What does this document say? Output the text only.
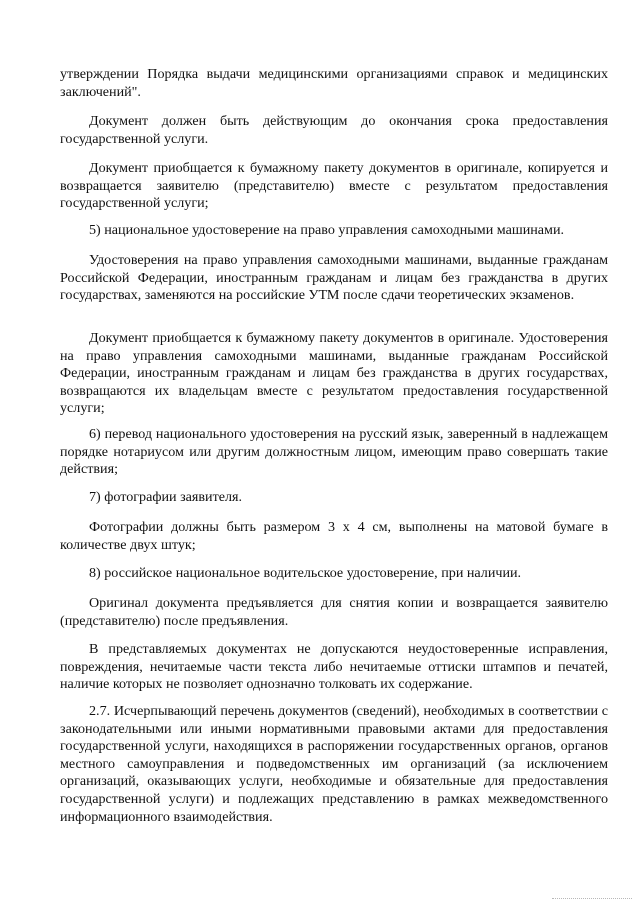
утверждении Порядка выдачи медицинскими организациями справок и медицинских заключений".

Документ должен быть действующим до окончания срока предоставления государственной услуги.

Документ приобщается к бумажному пакету документов в оригинале, копируется и возвращается заявителю (представителю) вместе с результатом предоставления государственной услуги;

5) национальное удостоверение на право управления самоходными машинами.

Удостоверения на право управления самоходными машинами, выданные гражданам Российской Федерации, иностранным гражданам и лицам без гражданства в других государствах, заменяются на российские УТМ после сдачи теоретических экзаменов.

Документ приобщается к бумажному пакету документов в оригинале. Удостоверения на право управления самоходными машинами, выданные гражданам Российской Федерации, иностранным гражданам и лицам без гражданства в других государствах, возвращаются их владельцам вместе с результатом предоставления государственной услуги;

6) перевод национального удостоверения на русский язык, заверенный в надлежащем порядке нотариусом или другим должностным лицом, имеющим право совершать такие действия;

7) фотографии заявителя.

Фотографии должны быть размером 3 x 4 см, выполнены на матовой бумаге в количестве двух штук;

8) российское национальное водительское удостоверение, при наличии.

Оригинал документа предъявляется для снятия копии и возвращается заявителю (представителю) после предъявления.

В представляемых документах не допускаются неудостоверенные исправления, повреждения, нечитаемые части текста либо нечитаемые оттиски штампов и печатей, наличие которых не позволяет однозначно толковать их содержание.

2.7. Исчерпывающий перечень документов (сведений), необходимых в соответствии с законодательными или иными нормативными правовыми актами для предоставления государственной услуги, находящихся в распоряжении государственных органов, органов местного самоуправления и подведомственных им организаций (за исключением организаций, оказывающих услуги, необходимые и обязательные для предоставления государственной услуги) и подлежащих представлению в рамках межведомственного информационного взаимодействия.
